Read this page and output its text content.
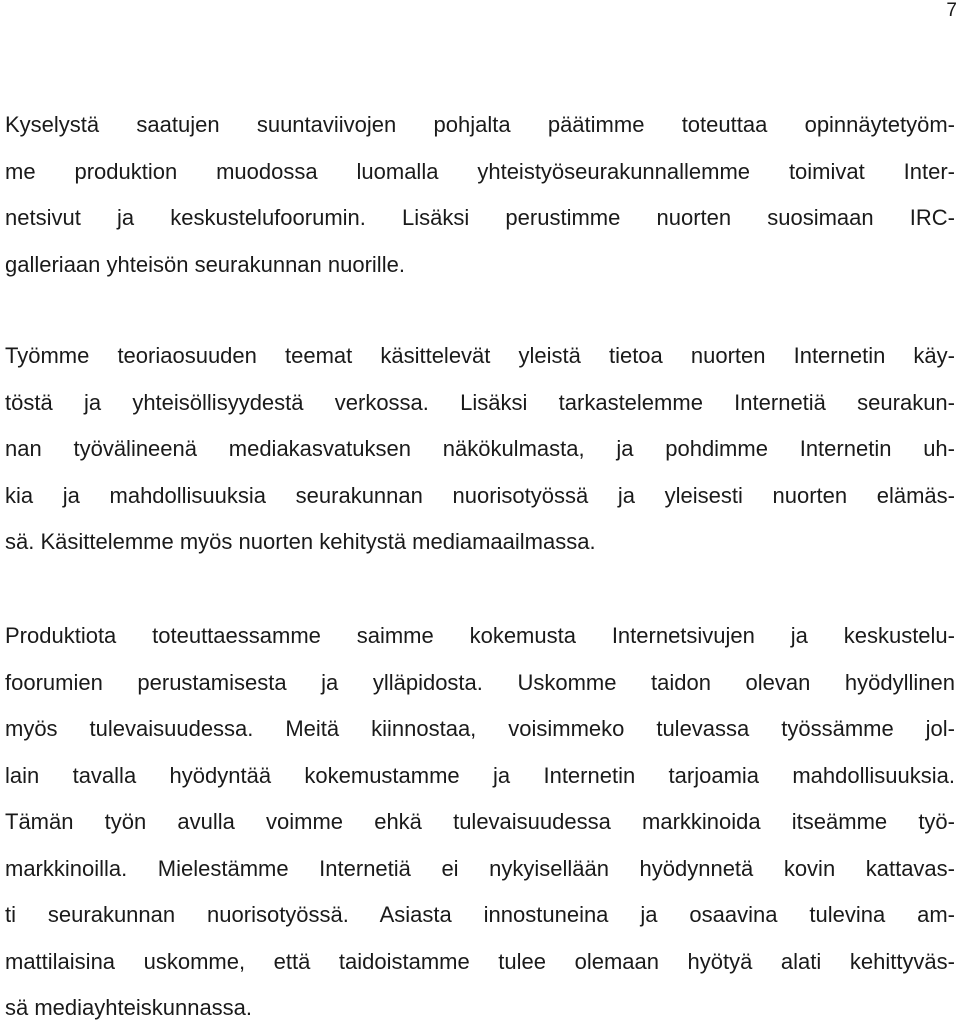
7
Kyselystä saatujen suuntaviivojen pohjalta päätimme toteuttaa opinnäytetyöm-
me produktion muodossa luomalla yhteistyöseurakunnallemme toimivat Inter-
netsivut ja keskustelufoorumin. Lisäksi perustimme nuorten suosimaan IRC-
galleriaan yhteisön seurakunnan nuorille.
Työmme teoriaosuuden teemat käsittelevät yleistä tietoa nuorten Internetin käy-
töstä ja yhteisöllisyydestä verkossa. Lisäksi tarkastelemme Internetiä seurakun-
nan työvälineenä mediakasvatuksen näkökulmasta, ja pohdimme Internetin uh-
kia ja mahdollisuuksia seurakunnan nuorisotyössä ja yleisesti nuorten elämäs-
sä. Käsittelemme myös nuorten kehitystä mediamaailmassa.
Produktiota toteuttaessamme saimme kokemusta Internetsivujen ja keskustelu-
foorumien perustamisesta ja ylläpidosta. Uskomme taidon olevan hyödyllinen
myös tulevaisuudessa. Meitä kiinnostaa, voisimmeko tulevassa työssämme jol-
lain tavalla hyödyntää kokemustamme ja Internetin tarjoamia mahdollisuuksia.
Tämän työn avulla voimme ehkä tulevaisuudessa markkinoida itseämme työ-
markkinoilla. Mielestämme Internetiä ei nykyisellään hyödynnetä kovin kattavas-
ti seurakunnan nuorisotyössä. Asiasta innostuneina ja osaavina tulevina am-
mattilaisina uskomme, että taidoistamme tulee olemaan hyötyä alati kehittyväs-
sä mediayhteiskunnassa.
